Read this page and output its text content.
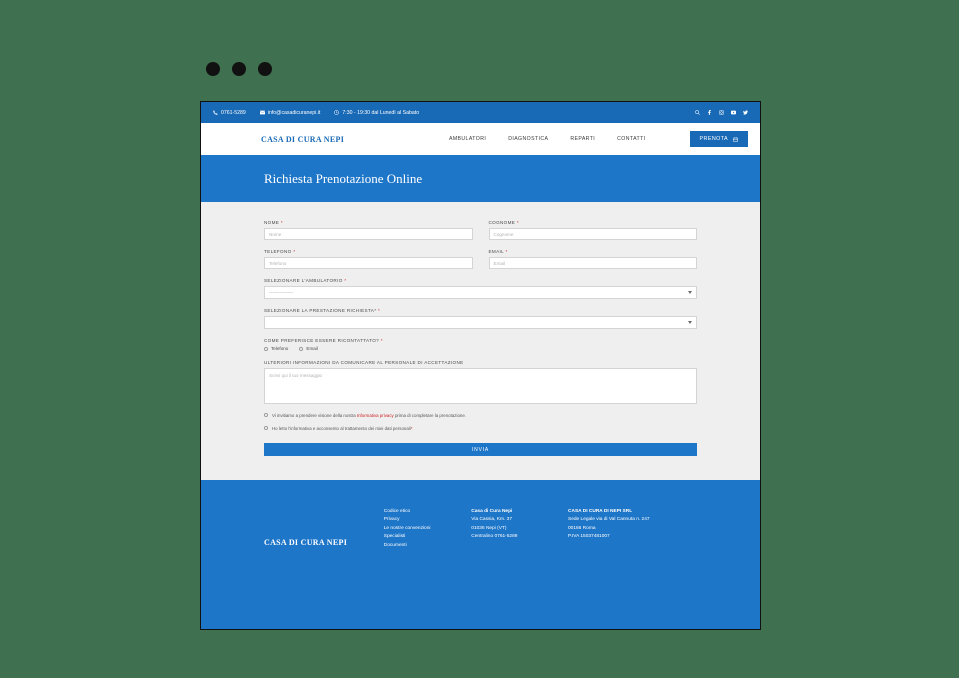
0761-5289	info@casadicuranepi.it	7:30 - 19:30 dal Lunedì al Sabato
CASA DI CURA NEPI	AMBULATORI	DIAGNOSTICA	REPARTI	CONTATTI	PRENOTA
Richiesta Prenotazione Online
NOME *
Nome
COGNOME *
Cognome
TELEFONO *
Telefono
EMAIL *
Email
SELEZIONARE L'AMBULATORIO *
----------------
SELEZIONARE LA PRESTAZIONE RICHIESTA* *
COME PREFERISCE ESSERE RICONTATTATO? *
Telefono	Email
ULTERIORI INFORMAZIONI DA COMUNICARE AL PERSONALE DI ACCETTAZIONE
Scrivi qui il tuo messaggio
Vi invitiamo a prendere visione della nostra Informativa privacy prima di completare la prenotazione.
Ho letto l'informativa e acconsento al trattamento dei miei dati personali*
INVIA
CASA DI CURA NEPI
Codice etico
Privacy
Le nostre convenzioni
Specialisti
Documenti
Casa di Cura Nepi
Via Cassia, Km. 37
01036 Nepi (VT)
Centralino 0761-5289
CASA DI CURA DI NEPI SRL
Sede Legale via di Val Cannuta n. 247
00166 Roma
P.IVA 15037481007
